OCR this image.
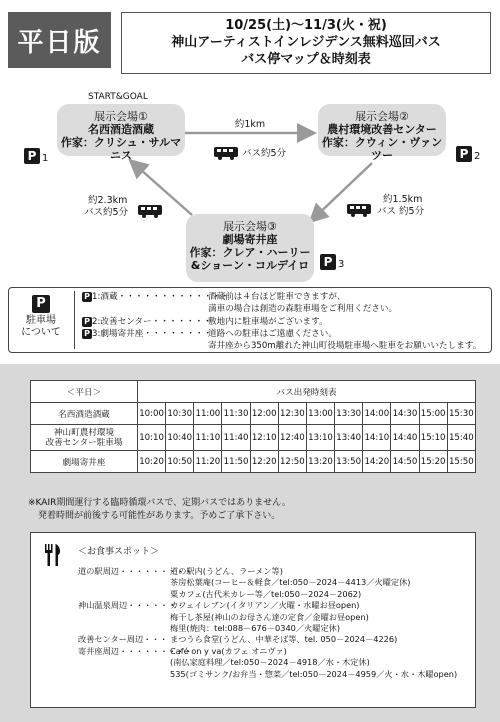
平日版
10/25(土)～11/3(火・祝)
神山アーティストインレジデンス無料巡回バス
バス停マップ＆時刻表
START&GOAL
展示会場①
名西酒造酒蔵
作家：クリシュ・サルマニス
展示会場②
農村環境改善センター
作家：クウィン・ヴァンツー
展示会場③
劇場寄井座
作家：クレア・ハーリー
&ショーン・コルデイロ
P 1	P 2
P 3
約1km
バス約5分
約1.5km
バス 約5分
約2.3km
バス約5分
P
駐車場
について
P 1:酒蔵・・・・・・・・・・・・・
酒蔵前は４台ほど駐車できますが、
満車の場合は創造の森駐車場をご利用ください。
P 2:改善センター・・・・・・・
敷地内に駐車場がございます。
P 3:劇場寄井座・・・・・・・・
道路への駐車はご遠慮ください。
寄井座から350m離れた神山町役場駐車場へ駐車をお願いいたします。
＜平日＞	バス出発時刻表											
名西酒造酒蔵	10:00	10:30	11:00	11:30	12:00	12:30	13:00	13:30	14:00	14:30	15:00	15:30

神山町農村環境
改善センター駐車場	10:10	10:40	11:10	11:40	12:10	12:40	13:10	13:40	14:10	14:40	15:10	15:40
劇場寄井座	10:20	10:50	11:20	11:50	12:20	12:50	13:20	13:50	14:20	14:50	15:20	15:50
※KAIR期間運行する臨時循環バスで、定期バスではありません。
発着時間が前後する可能性があります。予めご了承下さい。
＜お食事スポット＞
道の駅周辺・・・・・・・・・道の駅内(うどん、ラーメン等)
茶房松葉庵(コーヒー＆軽食／tel:050－2024－4413／火曜定休)
粟カフェ(古代米カレー等／tel:050－2024－2062)
神山温泉周辺・・・・・・・カフェイレブン(イタリアン／火曜・水曜お昼open)
梅干し茶屋(神山のお母さん達の定食／金曜お昼open)
梅里(焼肉：tel:088－676－0340／火曜定休)
改善センター周辺・・・ まつうら食堂(うどん、中華そば等、tel. 050－2024－4226)
寄井座周辺・・・・・・・・・Café on y va(カフェ オニヴァ)
(南仏家庭料理／tel:050－2024－4918／水・木定休)
535(ゴミサンク/お弁当・惣菜／tel:050－2024－4959／火・水・木曜open)
